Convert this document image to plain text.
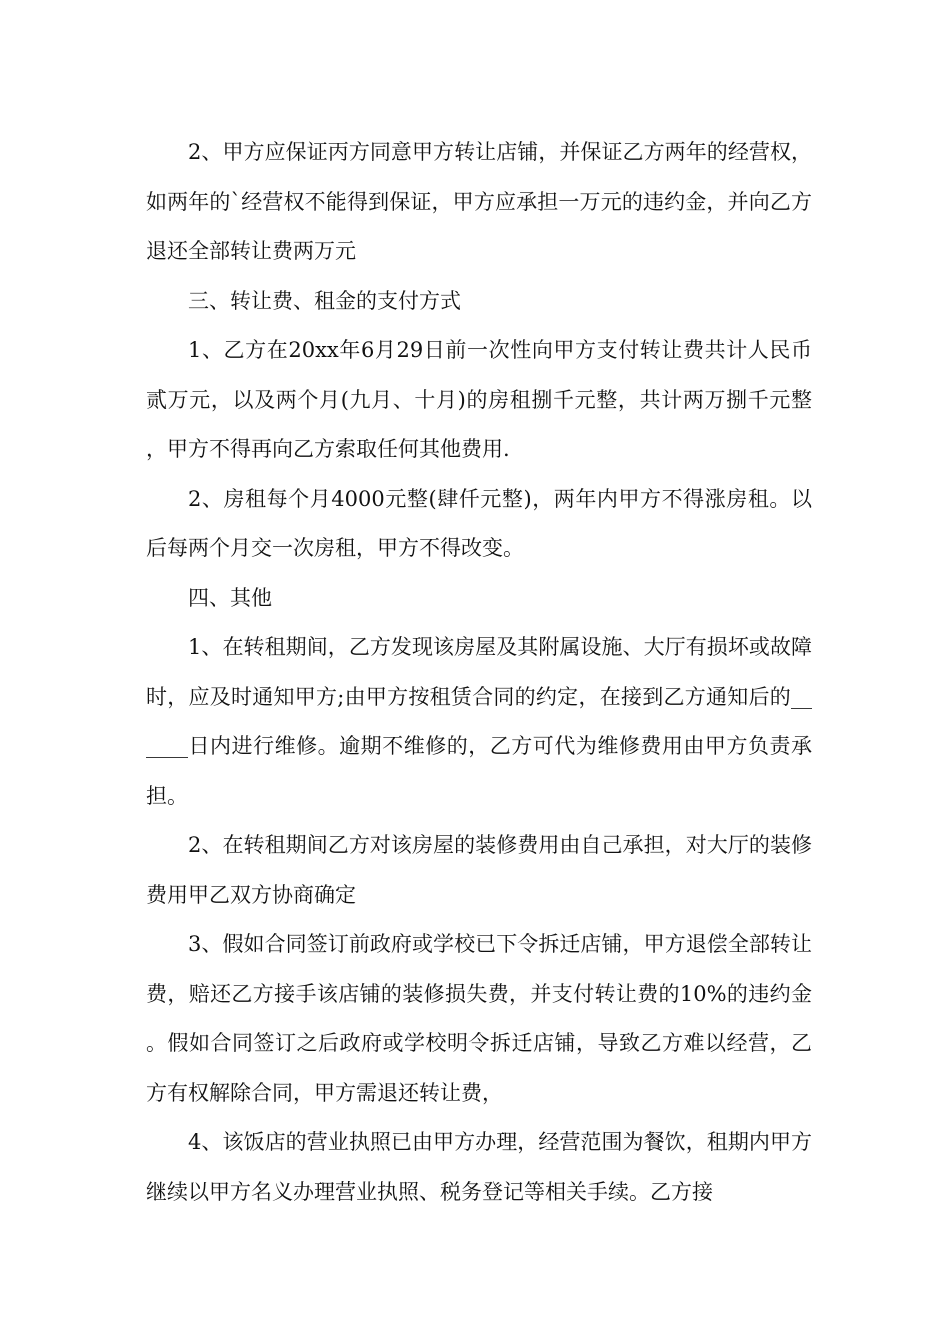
2、甲方应保证丙方同意甲方转让店铺，并保证乙方两年的经营权，如两年的`经营权不能得到保证，甲方应承担一万元的违约金，并向乙方退还全部转让费两万元

三、转让费、租金的支付方式

1、乙方在20xx年6月29日前一次性向甲方支付转让费共计人民币贰万元，以及两个月(九月、十月)的房租捌千元整，共计两万捌千元整，甲方不得再向乙方索取任何其他费用.

2、房租每个月4000元整(肆仟元整)，两年内甲方不得涨房租。以后每两个月交一次房租，甲方不得改变。

四、其他

1、在转租期间，乙方发现该房屋及其附属设施、大厅有损坏或故障时，应及时通知甲方;由甲方按租赁合同的约定，在接到乙方通知后的______日内进行维修。逾期不维修的，乙方可代为维修费用由甲方负责承担。

2、在转租期间乙方对该房屋的装修费用由自己承担，对大厅的装修费用甲乙双方协商确定

3、假如合同签订前政府或学校已下令拆迁店铺，甲方退偿全部转让费，赔还乙方接手该店铺的装修损失费，并支付转让费的10%的违约金。假如合同签订之后政府或学校明令拆迁店铺，导致乙方难以经营，乙方有权解除合同，甲方需退还转让费，

4、该饭店的营业执照已由甲方办理，经营范围为餐饮，租期内甲方继续以甲方名义办理营业执照、税务登记等相关手续。乙方接
